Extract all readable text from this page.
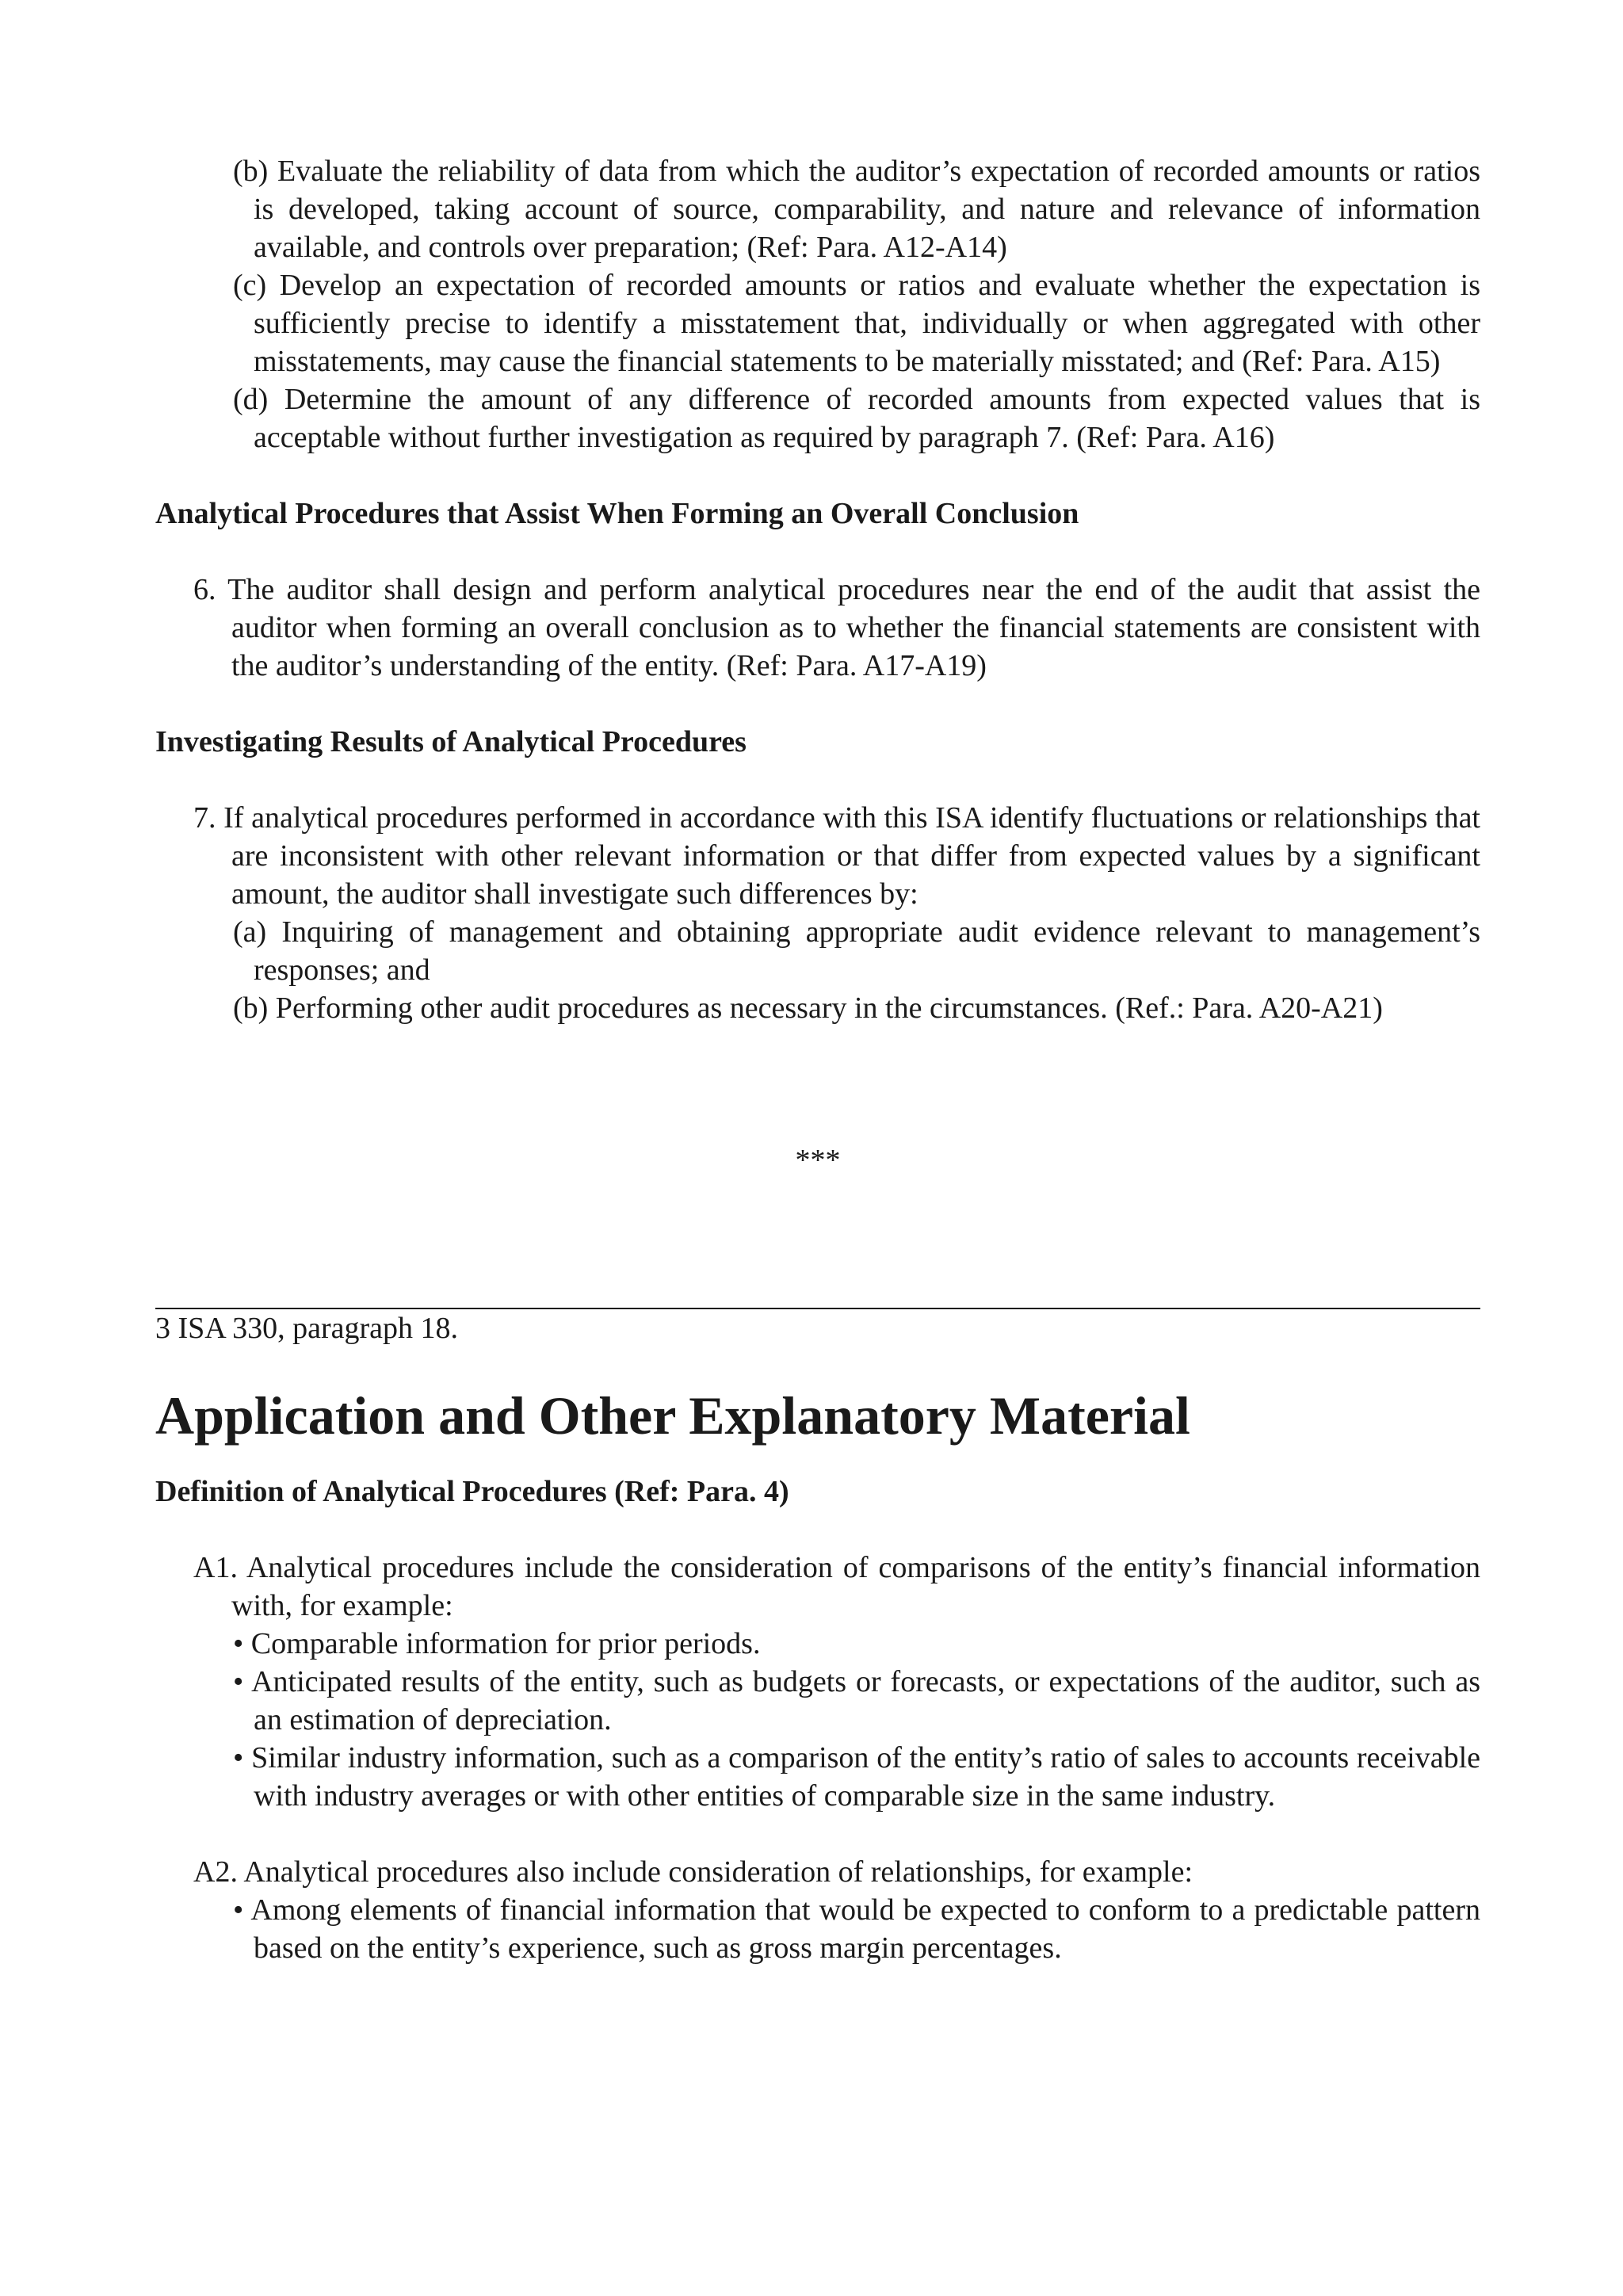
(b) Evaluate the reliability of data from which the auditor’s expectation of recorded amounts or ratios is developed, taking account of source, comparability, and nature and relevance of information available, and controls over preparation; (Ref: Para. A12-A14)

(c) Develop an expectation of recorded amounts or ratios and evaluate whether the expectation is sufficiently precise to identify a misstatement that, individually or when aggregated with other misstatements, may cause the financial statements to be materially misstated; and (Ref: Para. A15)

(d) Determine the amount of any difference of recorded amounts from expected values that is acceptable without further investigation as required by paragraph 7. (Ref: Para. A16)

Analytical Procedures that Assist When Forming an Overall Conclusion

6. The auditor shall design and perform analytical procedures near the end of the audit that assist the auditor when forming an overall conclusion as to whether the financial statements are consistent with the auditor’s understanding of the entity. (Ref: Para. A17-A19)

Investigating Results of Analytical Procedures

7. If analytical procedures performed in accordance with this ISA identify fluctuations or relationships that are inconsistent with other relevant information or that differ from expected values by a significant amount, the auditor shall investigate such differences by:

(a) Inquiring of management and obtaining appropriate audit evidence relevant to management’s responses; and

(b) Performing other audit procedures as necessary in the circumstances. (Ref.: Para. A20-A21)

***

3 ISA 330, paragraph 18.

Application and Other Explanatory Material

Definition of Analytical Procedures (Ref: Para. 4)

A1. Analytical procedures include the consideration of comparisons of the entity’s financial information with, for example:

• Comparable information for prior periods.

• Anticipated results of the entity, such as budgets or forecasts, or expectations of the auditor, such as an estimation of depreciation.

• Similar industry information, such as a comparison of the entity’s ratio of sales to accounts receivable with industry averages or with other entities of comparable size in the same industry.

A2. Analytical procedures also include consideration of relationships, for example:

• Among elements of financial information that would be expected to conform to a predictable pattern based on the entity’s experience, such as gross margin percentages.
